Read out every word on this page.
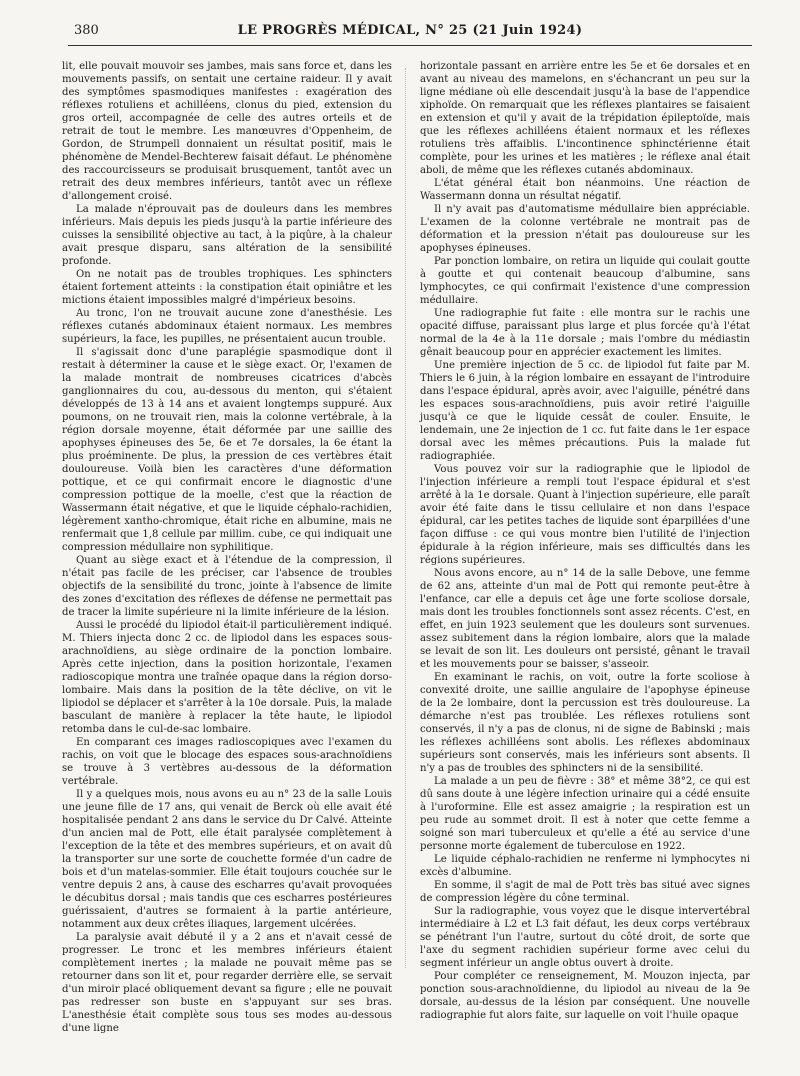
380	LE PROGRÈS MÉDICAL, N° 25 (21 Juin 1924)

lit, elle pouvait mouvoir ses jambes, mais sans force et, dans les mouvements passifs, on sentait une certaine raideur. Il y avait des symptômes spasmodiques manifestes : exagération des réflexes rotuliens et achilléens, clonus du pied, extension du gros orteil, accompagnée de celle des autres orteils et de retrait de tout le membre. Les manœuvres d'Oppenheim, de Gordon, de Strumpell donnaient un résultat positif, mais le phénomène de Mendel-Bechterew faisait défaut. Le phénomène des raccourcisseurs se produisait brusquement, tantôt avec un retrait des deux membres inférieurs, tantôt avec un réflexe d'allongement croisé.

La malade n'éprouvait pas de douleurs dans les membres inférieurs. Mais depuis les pieds jusqu'à la partie inférieure des cuisses la sensibilité objective au tact, à la piqûre, à la chaleur avait presque disparu, sans altération de la sensibilité profonde.

On ne notait pas de troubles trophiques. Les sphincters étaient fortement atteints : la constipation était opiniâtre et les mictions étaient impossibles malgré d'impérieux besoins.

Au tronc, l'on ne trouvait aucune zone d'anesthésie. Les réflexes cutanés abdominaux étaient normaux. Les membres supérieurs, la face, les pupilles, ne présentaient aucun trouble.

Il s'agissait donc d'une paraplégie spasmodique dont il restait à déterminer la cause et le siège exact. Or, l'examen de la malade montrait de nombreuses cicatrices d'abcès ganglionnaires du cou, au-dessous du menton, qui s'étaient développés de 13 à 14 ans et avaient longtemps suppuré. Aux poumons, on ne trouvait rien, mais la colonne vertébrale, à la région dorsale moyenne, était déformée par une saillie des apophyses épineuses des 5e, 6e et 7e dorsales, la 6e étant la plus proéminente. De plus, la pression de ces vertèbres était douloureuse. Voilà bien les caractères d'une déformation pottique, et ce qui confirmait encore le diagnostic d'une compression pottique de la moelle, c'est que la réaction de Wassermann était négative, et que le liquide céphalo-rachidien, légèrement xantho-chromique, était riche en albumine, mais ne renfermait que 1,8 cellule par millim. cube, ce qui indiquait une compression médullaire non syphilitique.

Quant au siège exact et à l'étendue de la compression, il n'était pas facile de les préciser, car l'absence de troubles objectifs de la sensibilité du tronc, jointe à l'absence de limite des zones d'excitation des réflexes de défense ne permettait pas de tracer la limite supérieure ni la limite inférieure de la lésion.

Aussi le procédé du lipiodol était-il particulièrement indiqué. M. Thiers injecta donc 2 cc. de lipiodol dans les espaces sous-arachnoïdiens, au siège ordinaire de la ponction lombaire. Après cette injection, dans la position horizontale, l'examen radioscopique montra une traînée opaque dans la région dorso-lombaire. Mais dans la position de la tête déclive, on vit le lipiodol se déplacer et s'arrêter à la 10e dorsale. Puis, la malade basculant de manière à replacer la tête haute, le lipiodol retomba dans le cul-de-sac lombaire.

En comparant ces images radioscopiques avec l'examen du rachis, on voit que le blocage des espaces sous-arachnoïdiens se trouve à 3 vertèbres au-dessous de la déformation vertébrale.

Il y a quelques mois, nous avons eu au n° 23 de la salle Louis une jeune fille de 17 ans, qui venait de Berck où elle avait été hospitalisée pendant 2 ans dans le service du Dr Calvé. Atteinte d'un ancien mal de Pott, elle était paralysée complètement à l'exception de la tête et des membres supérieurs, et on avait dû la transporter sur une sorte de couchette formée d'un cadre de bois et d'un matelas-sommier. Elle était toujours couchée sur le ventre depuis 2 ans, à cause des escharres qu'avait provoquées le décubitus dorsal ; mais tandis que ces escharres postérieures guérissaient, d'autres se formaient à la partie antérieure, notamment aux deux crêtes iliaques, largement ulcérées.

La paralysie avait débuté il y a 2 ans et n'avait cessé de progresser. Le tronc et les membres inférieurs étaient complètement inertes ; la malade ne pouvait même pas se retourner dans son lit et, pour regarder derrière elle, se servait d'un miroir placé obliquement devant sa figure ; elle ne pouvait pas redresser son buste en s'appuyant sur ses bras. L'anesthésie était complète sous tous ses modes au-dessous d'une ligne

horizontale passant en arrière entre les 5e et 6e dorsales et en avant au niveau des mamelons, en s'échancrant un peu sur la ligne médiane où elle descendait jusqu'à la base de l'appendice xiphoïde. On remarquait que les réflexes plantaires se faisaient en extension et qu'il y avait de la trépidation épileptoïde, mais que les réflexes achilléens étaient normaux et les réflexes rotuliens très affaiblis. L'incontinence sphinctérienne était complète, pour les urines et les matières ; le réflexe anal était aboli, de même que les réflexes cutanés abdominaux.

L'état général était bon néanmoins. Une réaction de Wassermann donna un résultat négatif.

Il n'y avait pas d'automatisme médullaire bien appréciable. L'examen de la colonne vertébrale ne montrait pas de déformation et la pression n'était pas douloureuse sur les apophyses épineuses.

Par ponction lombaire, on retira un liquide qui coulait goutte à goutte et qui contenait beaucoup d'albumine, sans lymphocytes, ce qui confirmait l'existence d'une compression médullaire.

Une radiographie fut faite : elle montra sur le rachis une opacité diffuse, paraissant plus large et plus forcée qu'à l'état normal de la 4e à la 11e dorsale ; mais l'ombre du médiastin gênait beaucoup pour en apprécier exactement les limites.

Une première injection de 5 cc. de lipiodol fut faite par M. Thiers le 6 juin, à la région lombaire en essayant de l'introduire dans l'espace épidural, après avoir, avec l'aiguille, pénétré dans les espaces sous-arachnoïdiens, puis avoir retiré l'aiguille jusqu'à ce que le liquide cessât de couler. Ensuite, le lendemain, une 2e injection de 1 cc. fut faite dans le 1er espace dorsal avec les mêmes précautions. Puis la malade fut radiographiée.

Vous pouvez voir sur la radiographie que le lipiodol de l'injection inférieure a rempli tout l'espace épidural et s'est arrêté à la 1e dorsale. Quant à l'injection supérieure, elle paraît avoir été faite dans le tissu cellulaire et non dans l'espace épidural, car les petites taches de liquide sont éparpillées d'une façon diffuse : ce qui vous montre bien l'utilité de l'injection épidurale à la région inférieure, mais ses difficultés dans les régions supérieures.

Nous avons encore, au n° 14 de la salle Debove, une femme de 62 ans, atteinte d'un mal de Pott qui remonte peut-être à l'enfance, car elle a depuis cet âge une forte scoliose dorsale, mais dont les troubles fonctionnels sont assez récents. C'est, en effet, en juin 1923 seulement que les douleurs sont survenues. assez subitement dans la région lombaire, alors que la malade se levait de son lit. Les douleurs ont persisté, gênant le travail et les mouvements pour se baisser, s'asseoir.

En examinant le rachis, on voit, outre la forte scoliose à convexité droite, une saillie angulaire de l'apophyse épineuse de la 2e lombaire, dont la percussion est très douloureuse. La démarche n'est pas troublée. Les réflexes rotuliens sont conservés, il n'y a pas de clonus, ni de signe de Babinski ; mais les réflexes achilléens sont abolis. Les réflexes abdominaux supérieurs sont conservés, mais les inférieurs sont absents. Il n'y a pas de troubles des sphincters ni de la sensibilité.

La malade a un peu de fièvre : 38° et même 38°2, ce qui est dû sans doute à une légère infection urinaire qui a cédé ensuite à l'uroformine. Elle est assez amaigrie ; la respiration est un peu rude au sommet droit. Il est à noter que cette femme a soigné son mari tuberculeux et qu'elle a été au service d'une personne morte également de tuberculose en 1922.

Le liquide céphalo-rachidien ne renferme ni lymphocytes ni excès d'albumine.

En somme, il s'agit de mal de Pott très bas situé avec signes de compression légère du cône terminal.

Sur la radiographie, vous voyez que le disque intervertébral intermédiaire à L2 et L3 fait défaut, les deux corps vertébraux se pénétrant l'un l'autre, surtout du côté droit, de sorte que l'axe du segment rachidien supérieur forme avec celui du segment inférieur un angle obtus ouvert à droite.

Pour compléter ce renseignement, M. Mouzon injecta, par ponction sous-arachnoïdienne, du lipiodol au niveau de la 9e dorsale, au-dessus de la lésion par conséquent. Une nouvelle radiographie fut alors faite, sur laquelle on voit l'huile opaque
